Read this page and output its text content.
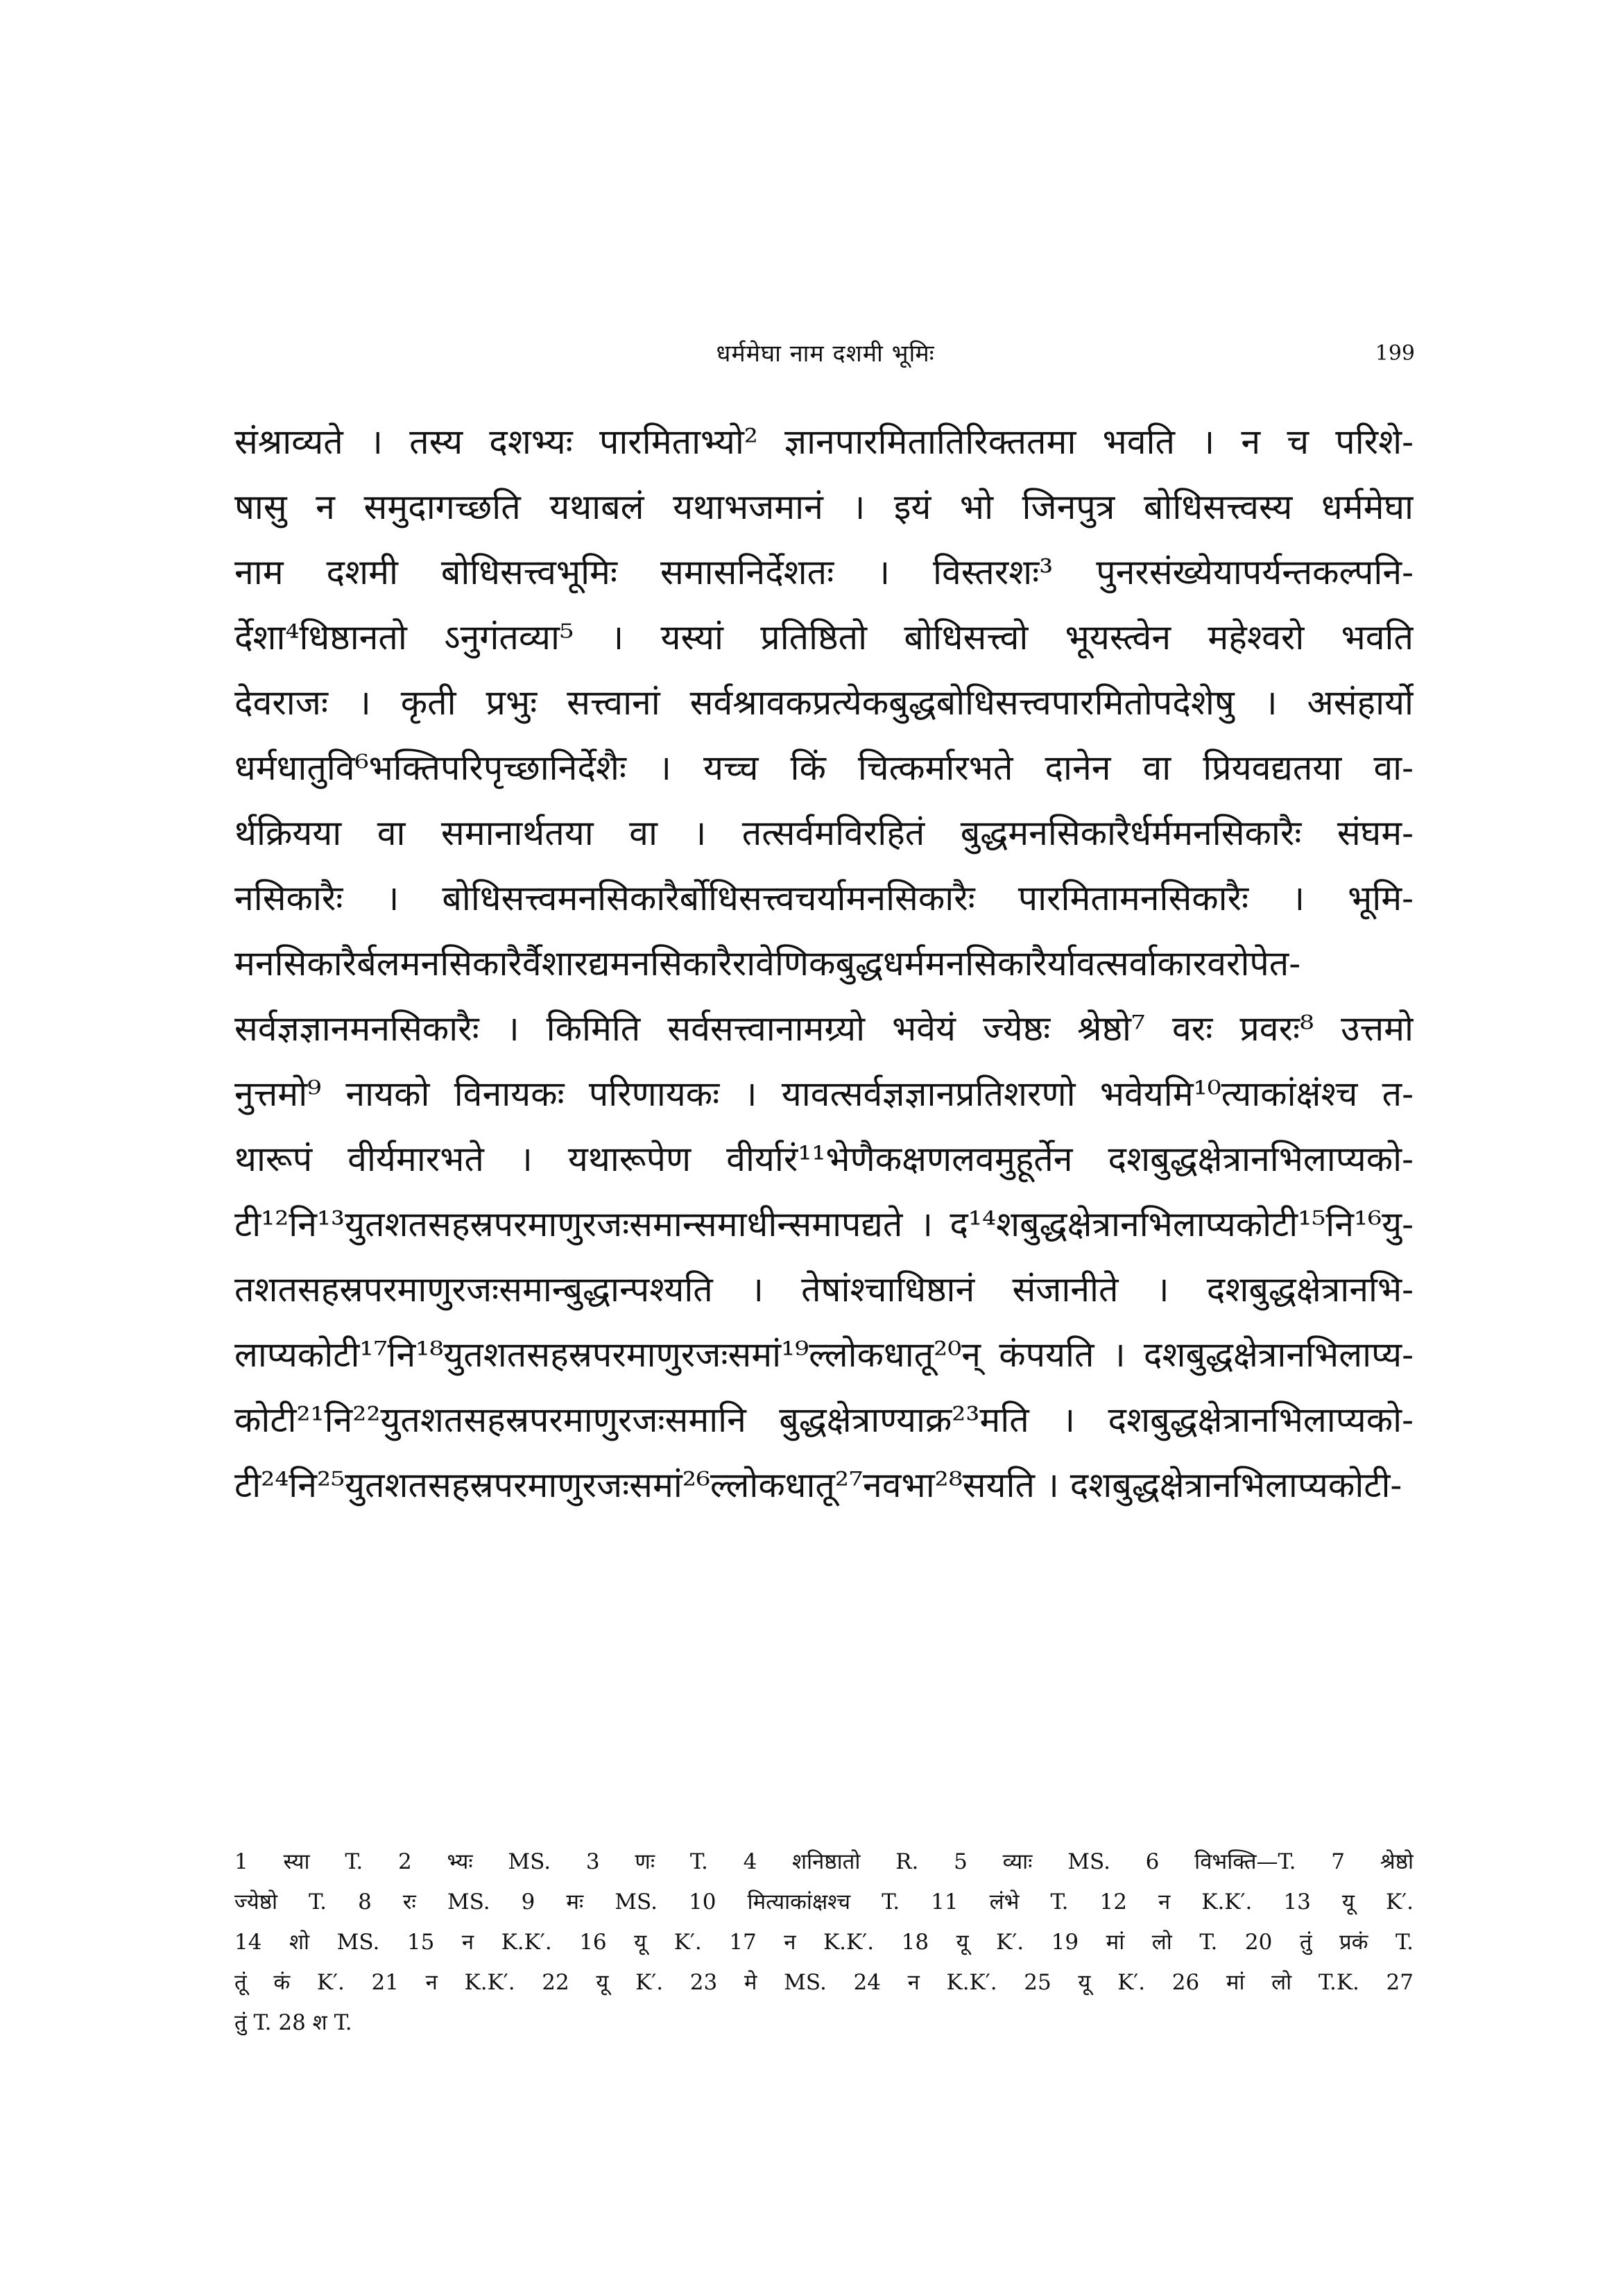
धर्ममेघा नाम दशमी भूमिः	199
संश्राव्यते । तस्य दशभ्यः पारमिताभ्यो² ज्ञानपारमितातिरिक्ततमा भवति । न च परिशे-
षासु न समुदागच्छति यथाबलं यथाभजमानं । इयं भो जिनपुत्र बोधिसत्त्वस्य धर्ममेघा
नाम दशमी बोधिसत्त्वभूमिः समासनिर्देशतः । विस्तरशः³ पुनरसंख्येयापर्यन्तकल्पनि-
र्देशा⁴धिष्ठानतो ऽनुगंतव्या⁵ । यस्यां प्रतिष्ठितो बोधिसत्त्वो भूयस्त्वेन महेश्वरो भवति
देवराजः । कृती प्रभुः सत्त्वानां सर्वश्रावकप्रत्येकबुद्धबोधिसत्त्वपारमितोपदेशेषु । असंहार्यो
धर्मधातुवि⁶भक्तिपरिपृच्छानिर्देशैः । यच्च किं चित्कर्मारभते दानेन वा प्रियवद्यतया वा-
र्थक्रियया वा समानार्थतया वा । तत्सर्वमविरहितं बुद्धमनसिकारैर्धर्ममनसिकारैः संघम-
नसिकारैः । बोधिसत्त्वमनसिकारैर्बोधिसत्त्वचर्यामनसिकारैः पारमितामनसिकारैः । भूमि-
मनसिकारैर्बलमनसिकारैर्वैशारद्यमनसिकारैरावेणिकबुद्धधर्ममनसिकारैर्यावत्सर्वाकारवरोपेत-
सर्वज्ञज्ञानमनसिकारैः । किमिति सर्वसत्त्वानामग्र्यो भवेयं ज्येष्ठः श्रेष्ठो⁷ वरः प्रवरः⁸ उत्तमो
नुत्तमो⁹ नायको विनायकः परिणायकः । यावत्सर्वज्ञज्ञानप्रतिशरणो भवेयमि¹⁰त्याकांक्षंश्च त-
थारूपं वीर्यमारभते । यथारूपेण वीर्यारं¹¹भेणैकक्षणलवमुहूर्तेन दशबुद्धक्षेत्रानभिलाप्यको-
टी¹²नि¹³युतशतसहस्रपरमाणुरजःसमान्समाधीन्समापद्यते । द¹⁴शबुद्धक्षेत्रानभिलाप्यकोटी¹⁵नि¹⁶यु-
तशतसहस्रपरमाणुरजःसमान्बुद्धान्पश्यति । तेषांश्चाधिष्ठानं संजानीते । दशबुद्धक्षेत्रानभि-
लाप्यकोटी¹⁷नि¹⁸युतशतसहस्रपरमाणुरजःसमां¹⁹ल्लोकधातू²⁰न् कंपयति । दशबुद्धक्षेत्रानभिलाप्य-
कोटी²¹नि²²युतशतसहस्रपरमाणुरजःसमानि बुद्धक्षेत्राण्याक्र²³मति । दशबुद्धक्षेत्रानभिलाप्यको-
टी²⁴नि²⁵युतशतसहस्रपरमाणुरजःसमां²⁶ल्लोकधातू²⁷नवभा²⁸सयति । दशबुद्धक्षेत्रानभिलाप्यकोटी-
1 स्या T. 2 भ्यः MS. 3 णः T. 4 शनिष्ठातो R. 5 व्याः MS. 6 विभक्ति—T. 7 श्रेष्ठो
ज्येष्ठो T. 8 रः MS. 9 मः MS. 10 मित्याकांक्षश्च T. 11 लंभे T. 12 न K.K′. 13 यू K′.
14 शो MS. 15 न K.K′. 16 यू K′. 17 न K.K′. 18 यू K′. 19 मां लो T. 20 तुं प्रकं T.
तूं कं K′. 21 न K.K′. 22 यू K′. 23 मे MS. 24 न K.K′. 25 यू K′. 26 मां लो T.K. 27
तुं T. 28 श T.
